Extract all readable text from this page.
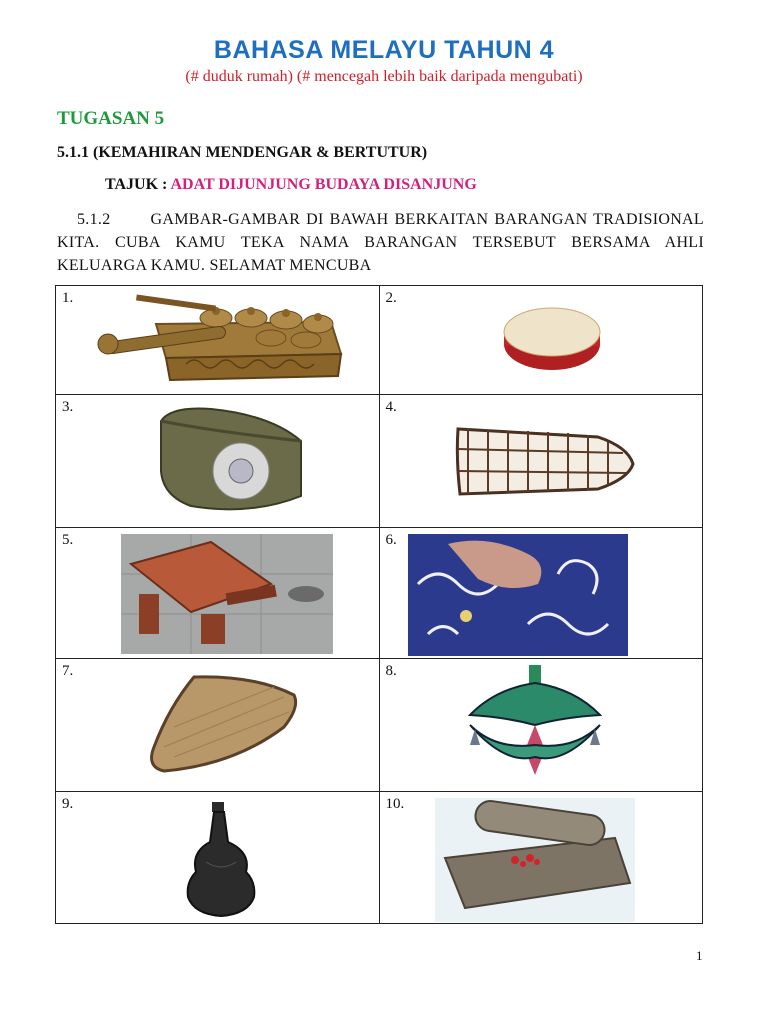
BAHASA MELAYU TAHUN 4
(# duduk rumah) (# mencegah lebih baik daripada mengubati)
TUGASAN 5
5.1.1 (KEMAHIRAN MENDENGAR & BERTUTUR)
TAJUK : ADAT DIJUNJUNG BUDAYA DISANJUNG
5.1.2	GAMBAR-GAMBAR DI BAWAH BERKAITAN BARANGAN TRADISIONAL KITA. CUBA KAMU TEKA NAMA BARANGAN TERSEBUT BERSAMA AHLI KELUARGA KAMU. SELAMAT MENCUBA
1.	2.

3.	4.

5.	6.

7.	8.

9.	10.
1
